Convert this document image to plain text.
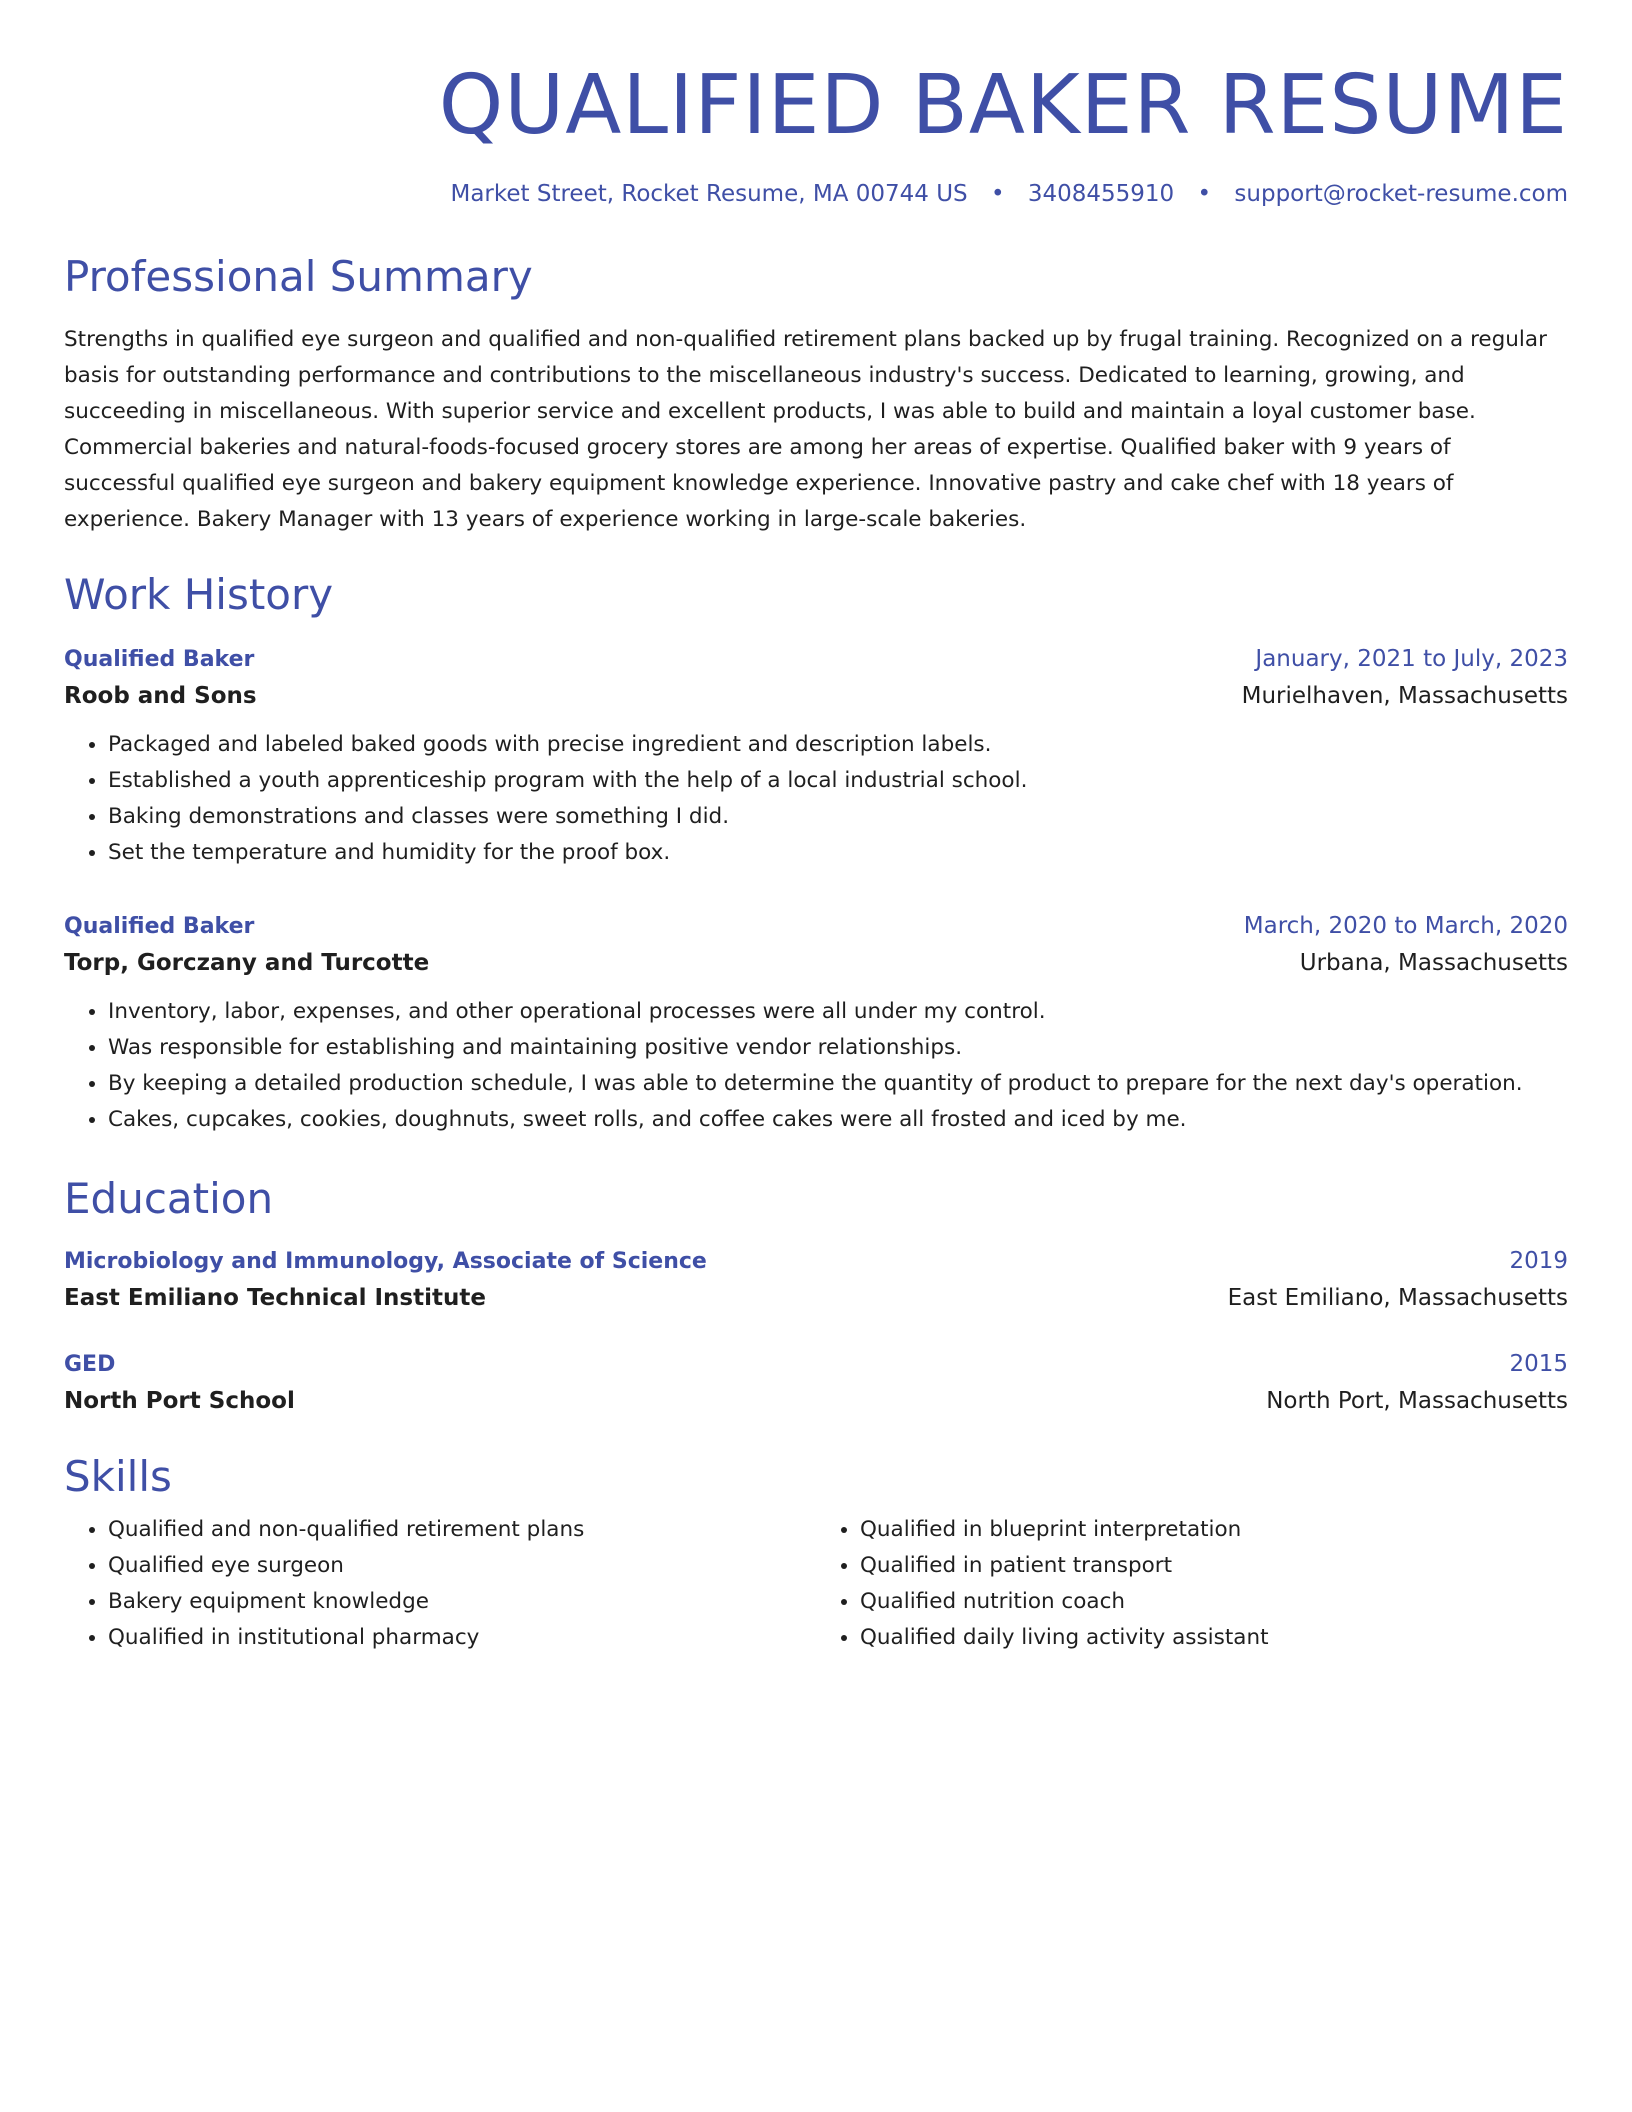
QUALIFIED BAKER RESUME
Market Street, Rocket Resume, MA 00744 US • 3408455910 • support@rocket-resume.com
Professional Summary
Strengths in qualified eye surgeon and qualified and non-qualified retirement plans backed up by frugal training. Recognized on a regular basis for outstanding performance and contributions to the miscellaneous industry's success. Dedicated to learning, growing, and succeeding in miscellaneous. With superior service and excellent products, I was able to build and maintain a loyal customer base. Commercial bakeries and natural-foods-focused grocery stores are among her areas of expertise. Qualified baker with 9 years of successful qualified eye surgeon and bakery equipment knowledge experience. Innovative pastry and cake chef with 18 years of experience. Bakery Manager with 13 years of experience working in large-scale bakeries.
Work History
Qualified Baker	January, 2021 to July, 2023
Roob and Sons	Murielhaven, Massachusetts
• Packaged and labeled baked goods with precise ingredient and description labels.
• Established a youth apprenticeship program with the help of a local industrial school.
• Baking demonstrations and classes were something I did.
• Set the temperature and humidity for the proof box.
Qualified Baker	March, 2020 to March, 2020
Torp, Gorczany and Turcotte	Urbana, Massachusetts
• Inventory, labor, expenses, and other operational processes were all under my control.
• Was responsible for establishing and maintaining positive vendor relationships.
• By keeping a detailed production schedule, I was able to determine the quantity of product to prepare for the next day's operation.
• Cakes, cupcakes, cookies, doughnuts, sweet rolls, and coffee cakes were all frosted and iced by me.
Education
Microbiology and Immunology, Associate of Science	2019
East Emiliano Technical Institute	East Emiliano, Massachusetts
GED	2015
North Port School	North Port, Massachusetts
Skills
• Qualified and non-qualified retirement plans
• Qualified eye surgeon
• Bakery equipment knowledge
• Qualified in institutional pharmacy
• Qualified in blueprint interpretation
• Qualified in patient transport
• Qualified nutrition coach
• Qualified daily living activity assistant
